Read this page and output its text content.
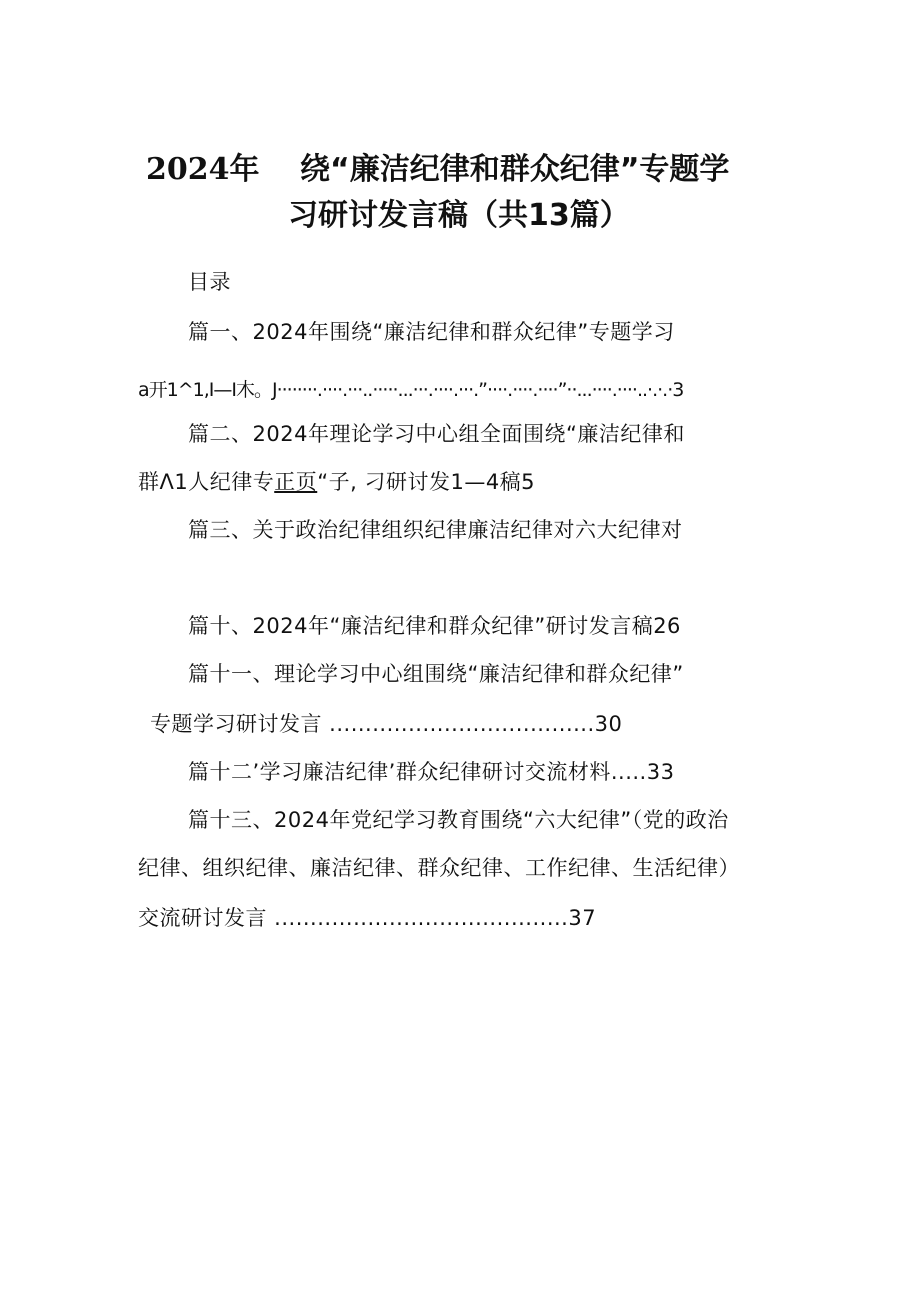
2024年 绕“廉洁纪律和群众纪律”专题学
习研讨发言稿（共13篇）
目录
篇一、2024年围绕“廉洁纪律和群众纪律”专题学习
a开1^1,I—I木。J········.····.···..·····...···.····.···.”····.····.····”··...····.····..·.·.·3
篇二、2024年理论学习中心组全面围绕“廉洁纪律和
群Λ1人纪律专正页“子, 刁研讨发1—4稿5
篇三、关于政治纪律组织纪律廉洁纪律对六大纪律对
篇十、2024年“廉洁纪律和群众纪律”研讨发言稿26
篇十一、理论学习中心组围绕“廉洁纪律和群众纪律”
专题学习研讨发言 .....................................30
篇十二’学习廉洁纪律’群众纪律研讨交流材料.....33
篇十三、2024年党纪学习教育围绕“六大纪律”（党的政治
纪律、组织纪律、廉洁纪律、群众纪律、工作纪律、生活纪律）
交流研讨发言 .........................................37
